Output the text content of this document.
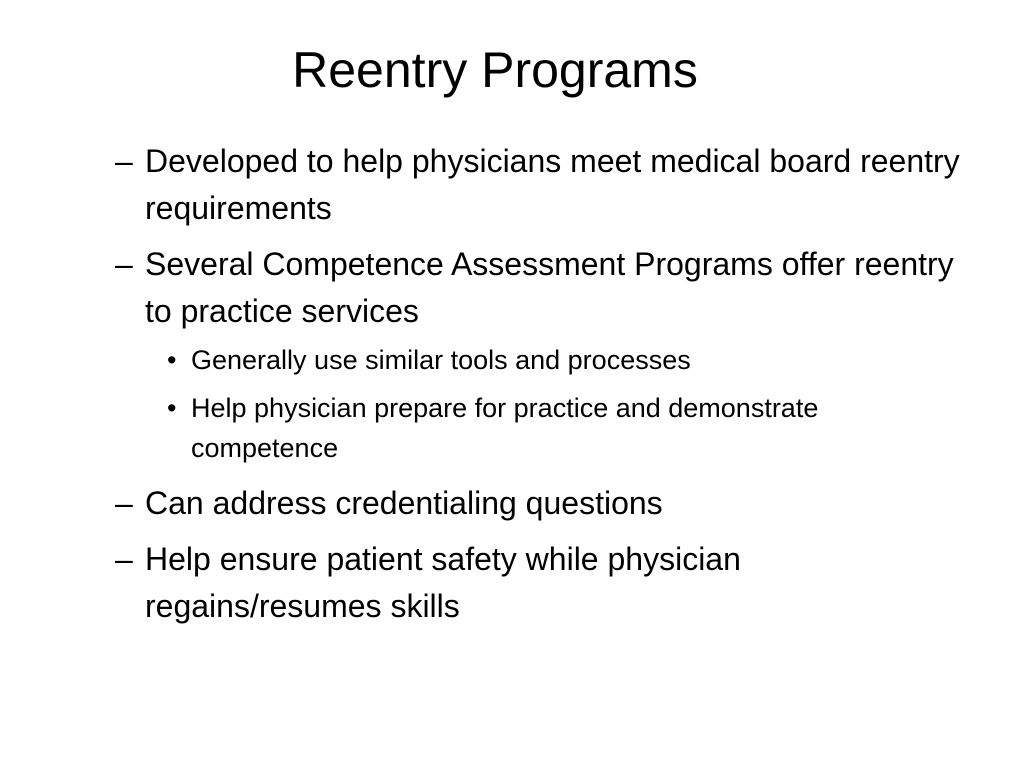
Reentry Programs
– Developed to help physicians meet medical board reentry requirements
– Several Competence Assessment Programs offer reentry to practice services
• Generally use similar tools and processes
• Help physician prepare for practice and demonstrate competence
– Can address credentialing questions
– Help ensure patient safety while physician regains/resumes skills
